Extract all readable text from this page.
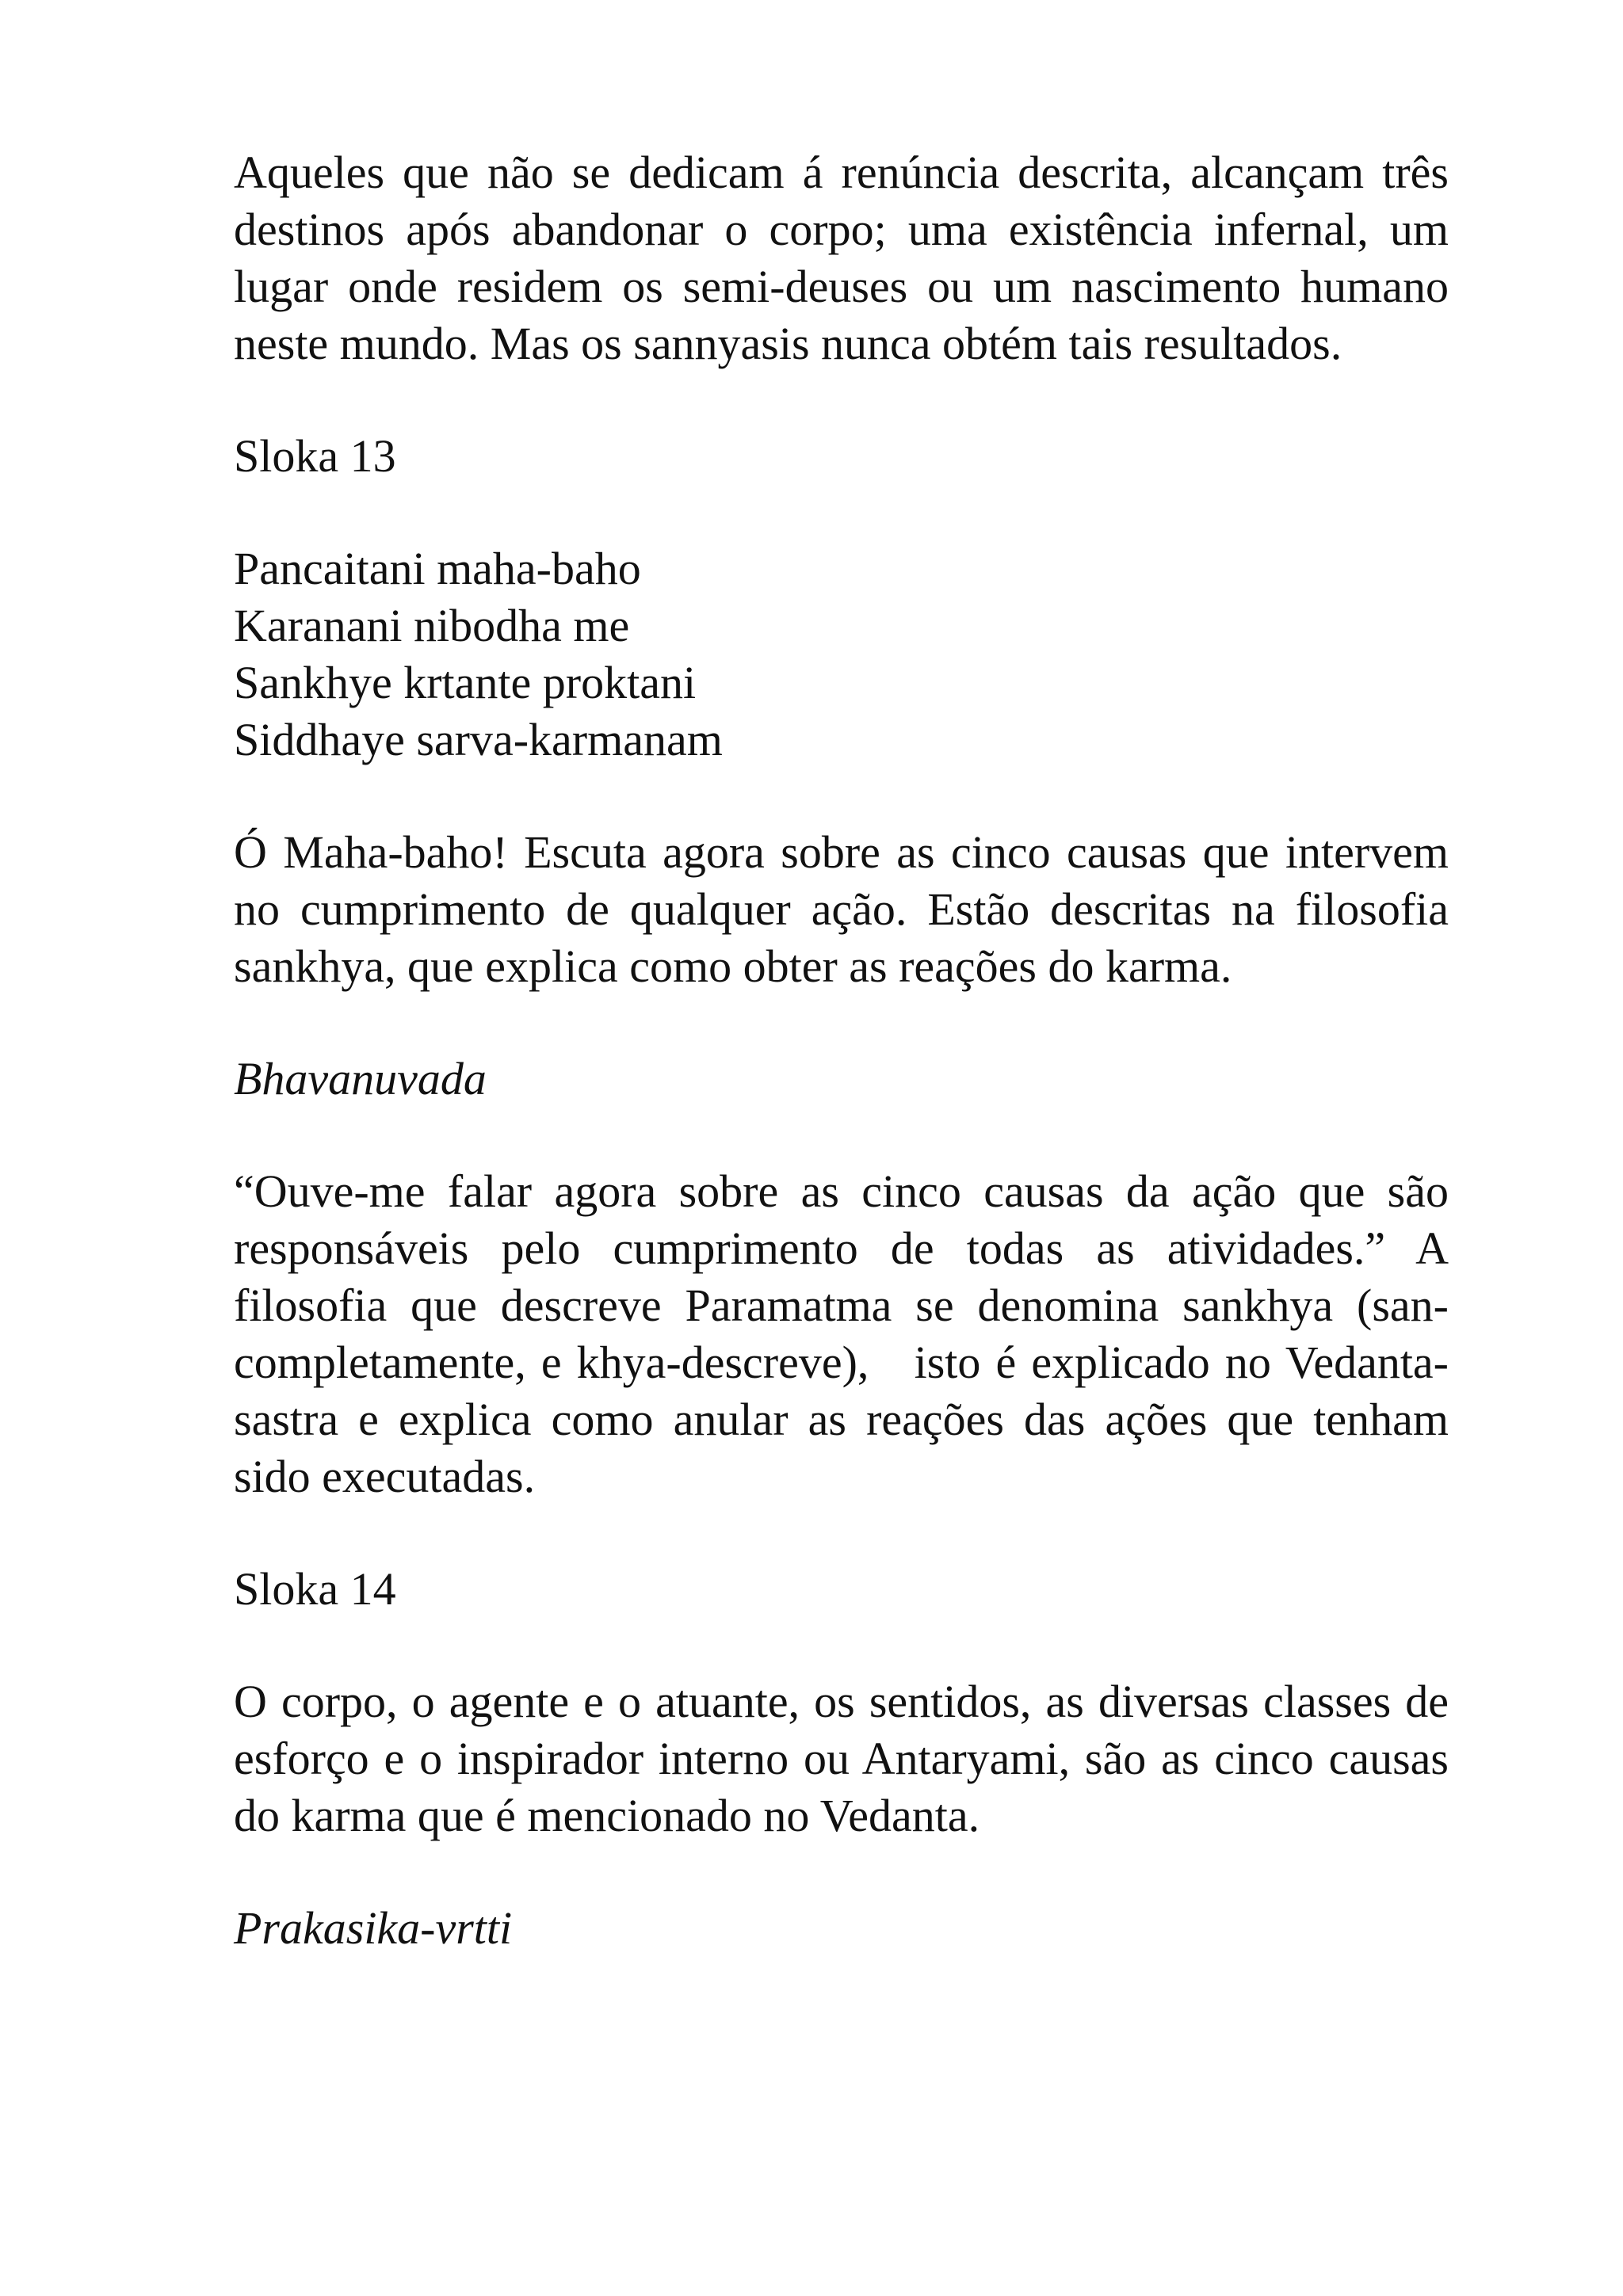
Aqueles que não se dedicam á renúncia descrita, alcançam três destinos após abandonar o corpo; uma existência infernal, um lugar onde residem os semi-deuses ou um nascimento humano neste mundo. Mas os sannyasis nunca obtém tais resultados.

Sloka 13

Pancaitani maha-baho
Karanani nibodha me
Sankhye krtante proktani
Siddhaye sarva-karmanam

Ó Maha-baho! Escuta agora sobre as cinco causas que intervem no cumprimento de qualquer ação. Estão descritas na filosofia sankhya, que explica como obter as reações do karma.

Bhavanuvada

“Ouve-me falar agora sobre as cinco causas da ação que são responsáveis pelo cumprimento de todas as atividades.” A filosofia que descreve Paramatma se denomina sankhya (san-completamente, e khya-descreve),   isto é explicado no Vedanta-sastra e explica como anular as reações das ações que tenham sido executadas.

Sloka 14

O corpo, o agente e o atuante, os sentidos, as diversas classes de esforço e o inspirador interno ou Antaryami, são as cinco causas do karma que é mencionado no Vedanta.

Prakasika-vrtti
